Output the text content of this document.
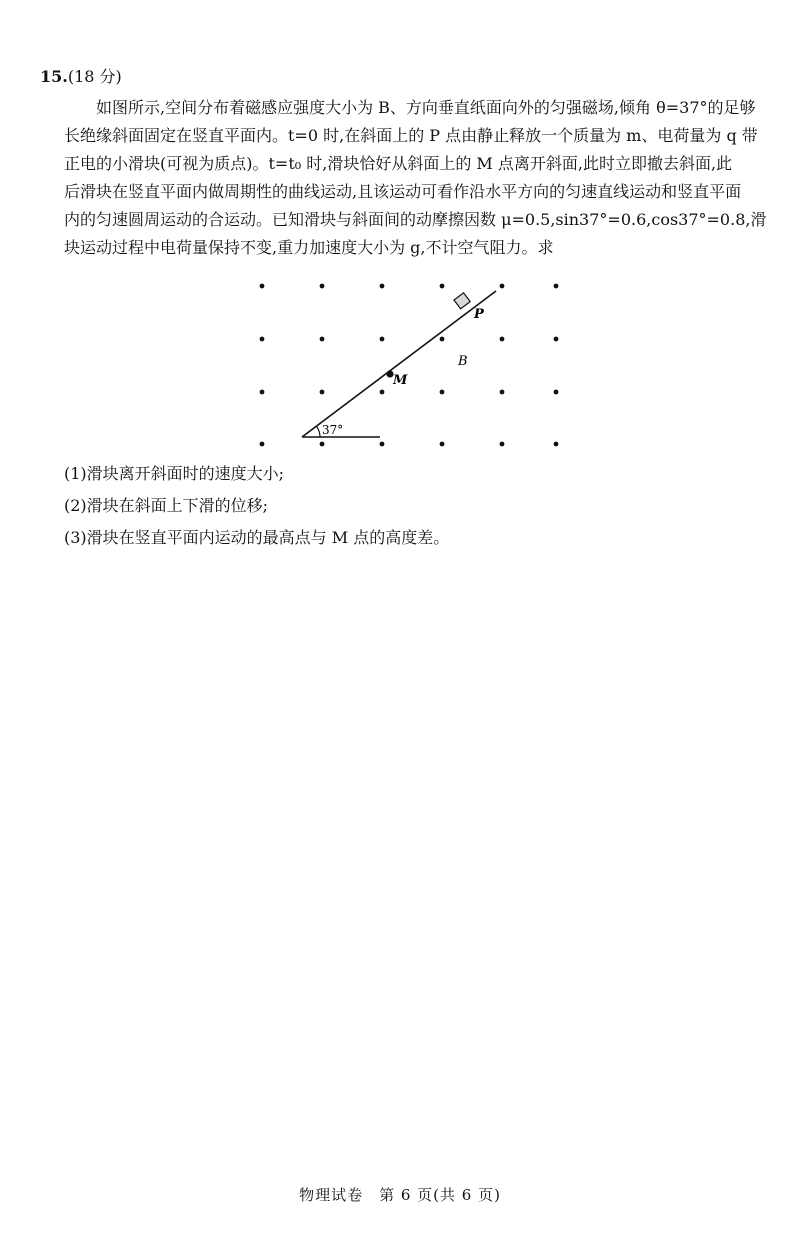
15.(18 分)
如图所示,空间分布着磁感应强度大小为 B、方向垂直纸面向外的匀强磁场,倾角 θ=37°的足够
长绝缘斜面固定在竖直平面内。t=0 时,在斜面上的 P 点由静止释放一个质量为 m、电荷量为 q 带
正电的小滑块(可视为质点)。t=t₀ 时,滑块恰好从斜面上的 M 点离开斜面,此时立即撤去斜面,此
后滑块在竖直平面内做周期性的曲线运动,且该运动可看作沿水平方向的匀速直线运动和竖直平面
内的匀速圆周运动的合运动。已知滑块与斜面间的动摩擦因数 μ=0.5,sin37°=0.6,cos37°=0.8,滑
块运动过程中电荷量保持不变,重力加速度大小为 g,不计空气阻力。求
P
M
B
37°
(1)滑块离开斜面时的速度大小;
(2)滑块在斜面上下滑的位移;
(3)滑块在竖直平面内运动的最高点与 M 点的高度差。
物理试卷　第 6 页(共 6 页)
